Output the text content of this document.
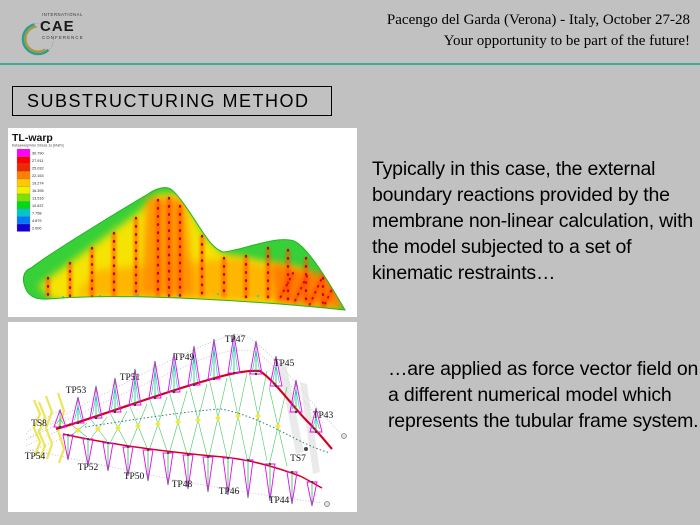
INTERNATIONAL
CAE
CONFERENCE
Pacengo del Garda (Verona) - Italy, October 27-28
Your opportunity to be part of the future!
SUBSTRUCTURING METHOD
TL-warp
Ketsawarp/Von Stress 1s [kN/m]
30.790
27.911
25.032
22.153
19.274
16.395
13.516
10.637
7.758
4.879
2.000
TP47
TP49
TP51
TP53
TS8
TP54
TP52
TP50
TP48
TP46
TP44
TS7
TP43
TP45
Typically in this case, the external boundary reactions provided by the membrane non-linear calculation, with the model subjected to a set of kinematic restraints…
…are applied as force vector field on a different numerical model which represents the tubular frame system.
